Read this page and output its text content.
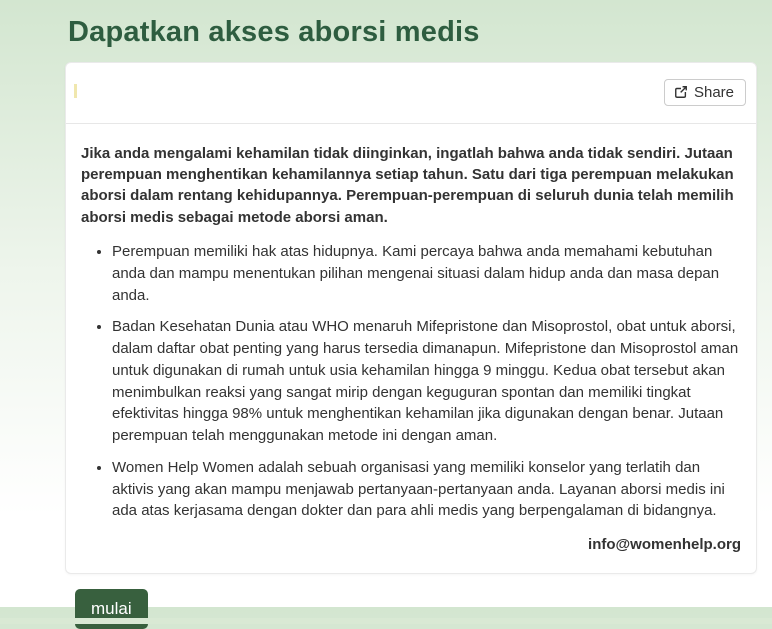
Dapatkan akses aborsi medis
Share

Jika anda mengalami kehamilan tidak diinginkan, ingatlah bahwa anda tidak sendiri. Jutaan perempuan menghentikan kehamilannya setiap tahun. Satu dari tiga perempuan melakukan aborsi dalam rentang kehidupannya. Perempuan-perempuan di seluruh dunia telah memilih aborsi medis sebagai metode aborsi aman.

• Perempuan memiliki hak atas hidupnya. Kami percaya bahwa anda memahami kebutuhan anda dan mampu menentukan pilihan mengenai situasi dalam hidup anda dan masa depan anda.
• Badan Kesehatan Dunia atau WHO menaruh Mifepristone dan Misoprostol, obat untuk aborsi, dalam daftar obat penting yang harus tersedia dimanapun. Mifepristone dan Misoprostol aman untuk digunakan di rumah untuk usia kehamilan hingga 9 minggu. Kedua obat tersebut akan menimbulkan reaksi yang sangat mirip dengan keguguran spontan dan memiliki tingkat efektivitas hingga 98% untuk menghentikan kehamilan jika digunakan dengan benar. Jutaan perempuan telah menggunakan metode ini dengan aman.
• Women Help Women adalah sebuah organisasi yang memiliki konselor yang terlatih dan aktivis yang akan mampu menjawab pertanyaan-pertanyaan anda. Layanan aborsi medis ini ada atas kerjasama dengan dokter dan para ahli medis yang berpengalaman di bidangnya.

info@womenhelp.org

mulai
